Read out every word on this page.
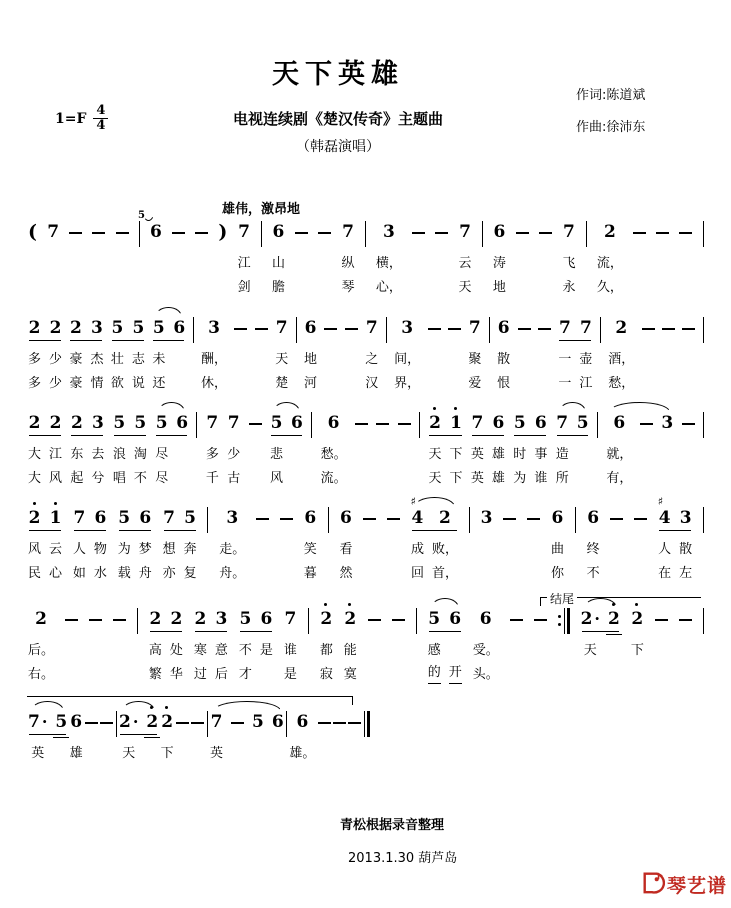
天下英雄
作词:陈道斌
作曲:徐沛东
$1=F \frac{4}{4}$	电视连续剧《楚汉传奇》主题曲
（韩磊演唱）
雄伟，激昂地
( 7	6
5
) 7
江
剑
6
山
膽
7
纵
琴
3
横，
心，
7
云
天
6
涛
地
7
飞
永
2
流，
久，
2
多
多
2
少
少
2
豪
豪
3
杰
情
5
壮
欲
5
志
说
5
未
还
6 3
酬，
休，
7
天
楚
6
地
河
7
之
汉
3
间，
界，
7
聚
爱
6
散
恨
7
一
一
7
壶
江
2
酒，
愁，
2
大
大
2
江
风
2
东
起
3
去
兮
5
浪
唱
5
淘
不
5
尽
尽
6 7
多
千
7
少
古
5
悲
风
6 6
愁。
流。
2
天
天
1
下
下
7
英
英
6
雄
雄
5
时
为
6
事
谁
7
造
所
5 6
就，
有，
3
2
风
民
1
云
心
7
人
如
6
物
水
5
为
载
6
梦
舟
7
想
亦
5
奔
复
3
走。
舟。
6
笑
暮
6
看
然
4
♯
成
回
2
败，
首，
3	6
曲
你
6
终
不
4
♯
人
在
3
散
左
2
后。
右。
2
高
繁
2
处
华
2
寒
过
3
意
后
5
不
才
6
是
7
谁
是
2
都
寂
2
能
寞
5
感
的
6
开
6
受。
头。
2 ·
天
2 2
下
7 ·
英
5 6
雄
2 ·
天
2 2
下
7
英
5 6 6
雄。
结尾
青松根据录音整理
2013.1.30 葫芦岛
琴艺谱
